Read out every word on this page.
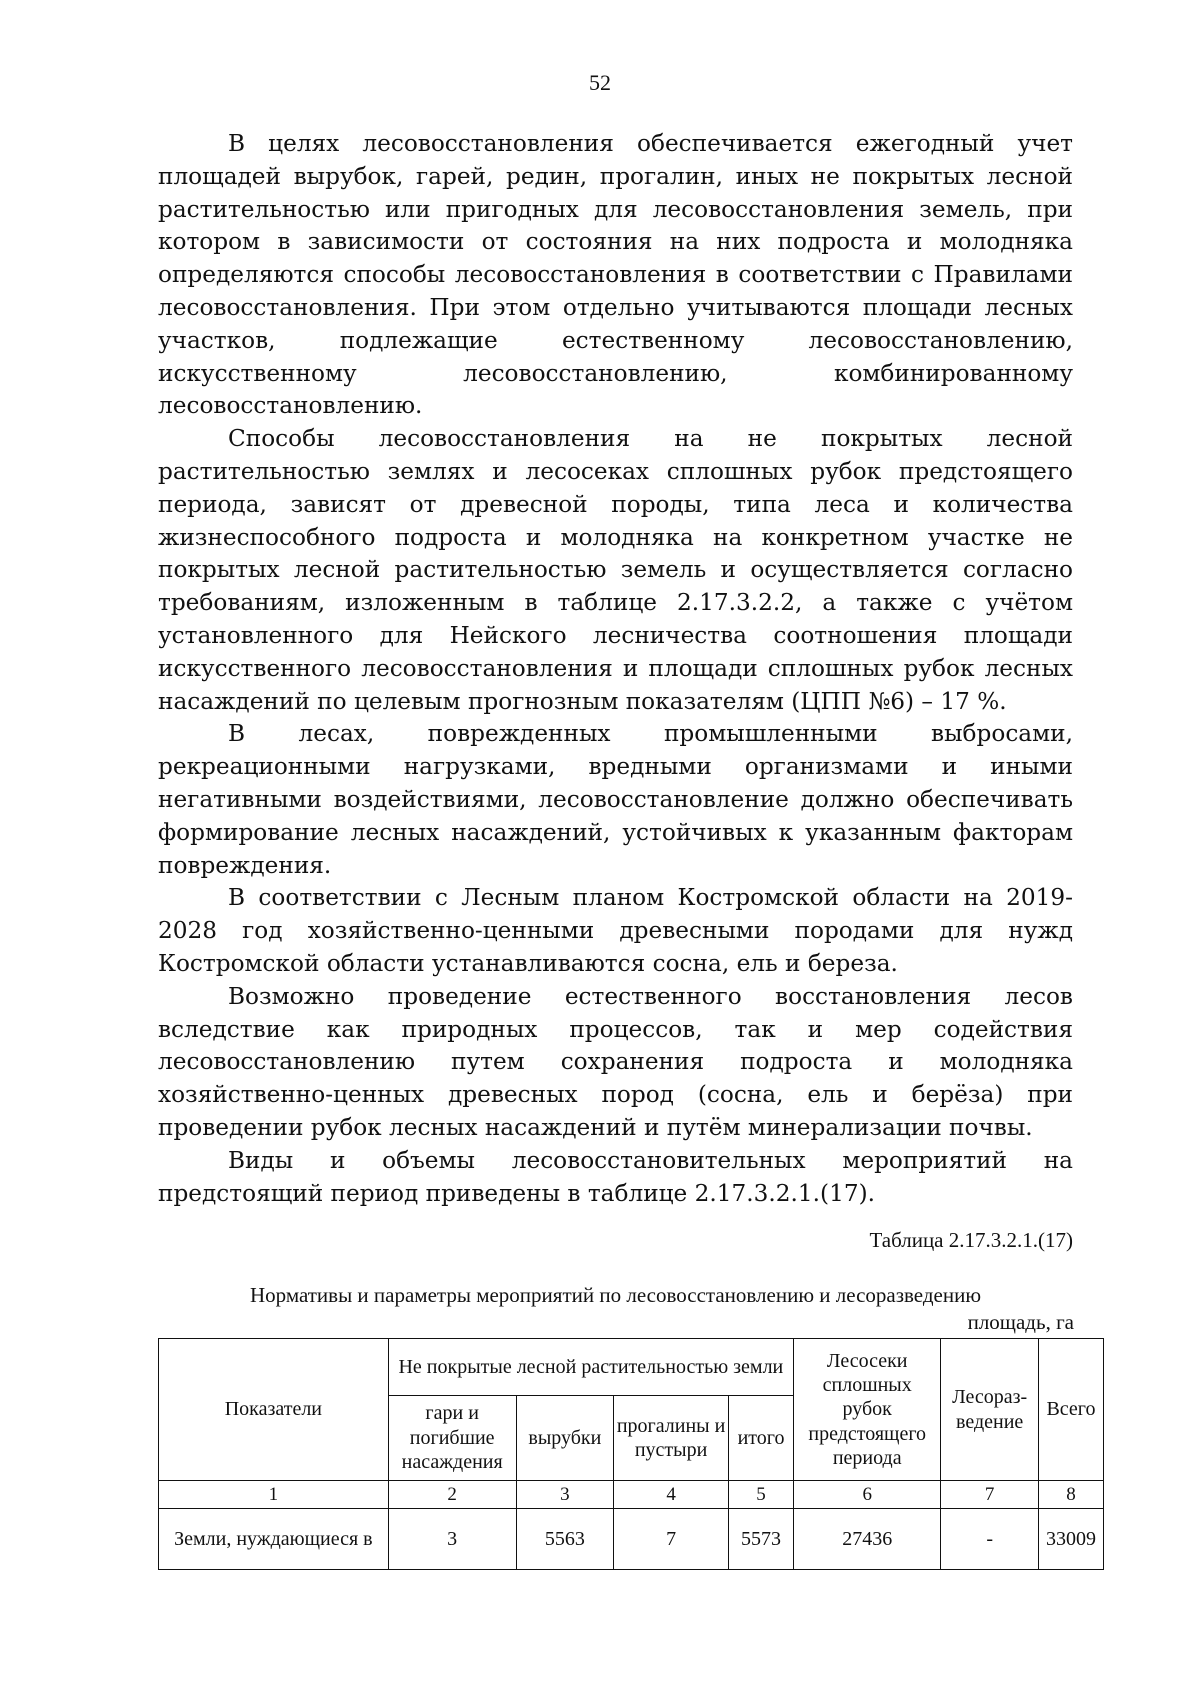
52

В целях лесовосстановления обеспечивается ежегодный учет площадей вырубок, гарей, редин, прогалин, иных не покрытых лесной растительностью или пригодных для лесовосстановления земель, при котором в зависимости от состояния на них подроста и молодняка определяются способы лесовосстановления в соответствии с Правилами лесовосстановления. При этом отдельно учитываются площади лесных участков, подлежащие естественному лесовосстановлению, искусственному лесовосстановлению, комбинированному лесовосстановлению.

Способы лесовосстановления на не покрытых лесной растительностью землях и лесосеках сплошных рубок предстоящего периода, зависят от древесной породы, типа леса и количества жизнеспособного подроста и молодняка на конкретном участке не покрытых лесной растительностью земель и осуществляется согласно требованиям, изложенным в таблице 2.17.3.2.2, а также с учётом установленного для Нейского лесничества соотношения площади искусственного лесовосстановления и площади сплошных рубок лесных насаждений по целевым прогнозным показателям (ЦПП №6) – 17 %.

В лесах, поврежденных промышленными выбросами, рекреационными нагрузками, вредными организмами и иными негативными воздействиями, лесовосстановление должно обеспечивать формирование лесных насаждений, устойчивых к указанным факторам повреждения.

В соответствии с Лесным планом Костромской области на 2019-2028 год хозяйственно-ценными древесными породами для нужд Костромской области устанавливаются сосна, ель и береза.

Возможно проведение естественного восстановления лесов вследствие как природных процессов, так и мер содействия лесовосстановлению путем сохранения подроста и молодняка хозяйственно-ценных древесных пород (сосна, ель и берёза) при проведении рубок лесных насаждений и путём минерализации почвы.

Виды и объемы лесовосстановительных мероприятий на предстоящий период приведены в таблице 2.17.3.2.1.(17).

Таблица 2.17.3.2.1.(17)
Нормативы и параметры мероприятий по лесовосстановлению и лесоразведению
площадь, га
Показатели	Не покрытые лесной растительностью земли				Лесосеки сплошных рубок предстоящего периода	Лесораз-ведение	Всего
	гари и погибшие насаждения	вырубки	прогалины и пустыри	итого			
1	2	3	4	5	6	7	8
Земли, нуждающиеся в	3	5563	7	5573	27436	-	33009
